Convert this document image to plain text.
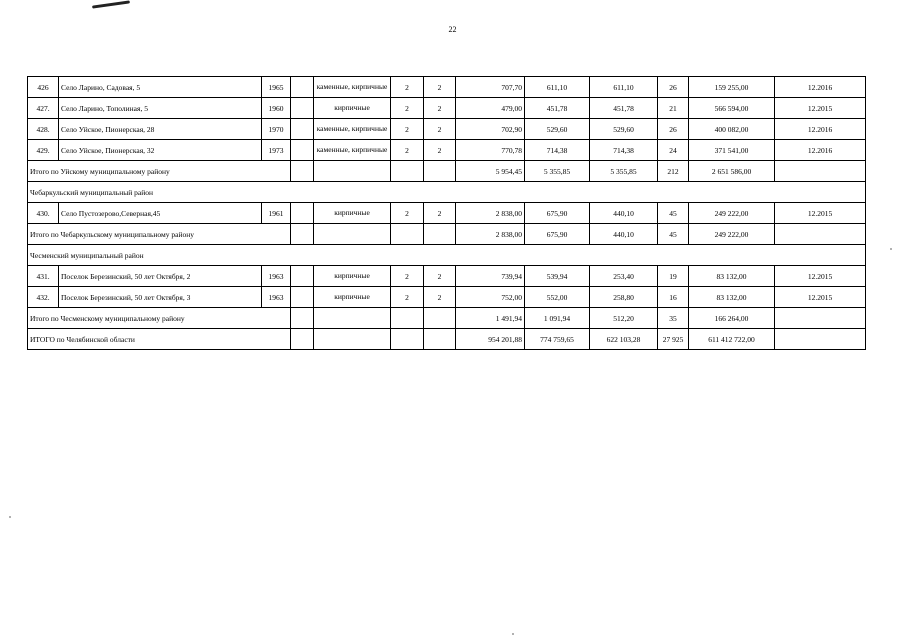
22
426	Село Ларино, Садовая, 5	1965		каменные, кирпичные	2	2	707,70	611,10	611,10	26	159 255,00	12.2016
427.	Село Ларино, Тополиная, 5	1960		кирпичные	2	2	479,00	451,78	451,78	21	566 594,00	12.2015
428.	Село Уйское, Пионерская, 28	1970		каменные, кирпичные	2	2	702,90	529,60	529,60	26	400 082,00	12.2016
429.	Село Уйское, Пионерская, 32	1973		каменные, кирпичные	2	2	770,78	714,38	714,38	24	371 541,00	12.2016
Итого по Уйскому муниципальному району							5 954,45	5 355,85	5 355,85	212	2 651 586,00	
Чебаркульский муниципальный район												
430.	Село Пустозерово,Северная,45	1961		кирпичные	2	2	2 838,00	675,90	440,10	45	249 222,00	12.2015
Итого по Чебаркульскому муниципальному району							2 838,00	675,90	440,10	45	249 222,00	
Чесменский муниципальный район												
431.	Поселок Березинский, 50 лет Октября, 2	1963		кирпичные	2	2	739,94	539,94	253,40	19	83 132,00	12.2015
432.	Поселок Березинский, 50 лет Октября, 3	1963		кирпичные	2	2	752,00	552,00	258,80	16	83 132,00	12.2015
Итого по Чесменскому муниципальному району							1 491,94	1 091,94	512,20	35	166 264,00	
ИТОГО по Челябинской области							954 201,88	774 759,65	622 103,28	27 925	611 412 722,00	
